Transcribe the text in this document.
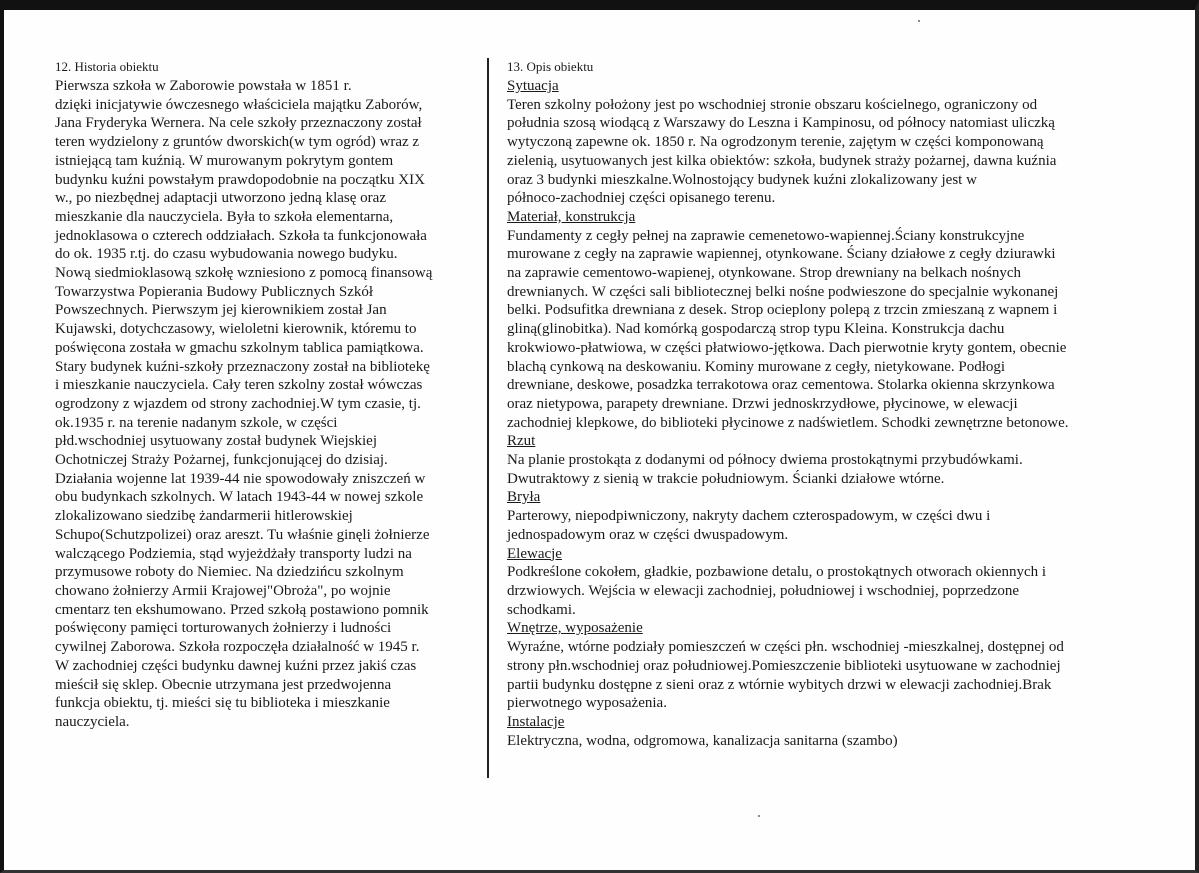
12. Historia obiektu

Pierwsza szkoła w Zaborowie powstała w 1851 r.
dzięki inicjatywie ówczesnego właściciela majątku Zaborów,
Jana Fryderyka Wernera. Na cele szkoły przeznaczony został
teren wydzielony z gruntów dworskich(w tym ogród) wraz z
istniejącą tam kuźnią. W murowanym pokrytym gontem
budynku kuźni powstałym prawdopodobnie na początku XIX
w., po niezbędnej adaptacji utworzono jedną klasę oraz
mieszkanie dla nauczyciela. Była to szkoła elementarna,
jednoklasowa o czterech oddziałach. Szkoła ta funkcjonowała
do ok. 1935 r.tj. do czasu wybudowania nowego budyku.
Nową siedmioklasową szkołę wzniesiono z pomocą finansową
Towarzystwa Popierania Budowy Publicznych Szkół
Powszechnych. Pierwszym jej kierownikiem został Jan
Kujawski, dotychczasowy, wieloletni kierownik, któremu to
poświęcona została w gmachu szkolnym tablica pamiątkowa.
Stary budynek kuźni-szkoły przeznaczony został na bibliotekę
i mieszkanie nauczyciela. Cały teren szkolny został wówczas
ogrodzony z wjazdem od strony zachodniej.W tym czasie, tj.
ok.1935 r. na terenie nadanym szkole, w części
płd.wschodniej usytuowany został budynek Wiejskiej
Ochotniczej Straży Pożarnej, funkcjonującej do dzisiaj.
Działania wojenne lat 1939-44 nie spowodowały zniszczeń w
obu budynkach szkolnych. W latach 1943-44 w nowej szkole
zlokalizowano siedzibę żandarmerii hitlerowskiej
Schupo(Schutzpolizei) oraz areszt. Tu właśnie ginęli żołnierze
walczącego Podziemia, stąd wyjeżdżały transporty ludzi na
przymusowe roboty do Niemiec. Na dziedzińcu szkolnym
chowano żołnierzy Armii Krajowej"Obroża", po wojnie
cmentarz ten ekshumowano. Przed szkołą postawiono pomnik
poświęcony pamięci torturowanych żołnierzy i ludności
cywilnej Zaborowa. Szkoła rozpoczęła działalność w 1945 r.
W zachodniej części budynku dawnej kuźni przez jakiś czas
mieścił się sklep. Obecnie utrzymana jest przedwojenna
funkcja obiektu, tj. mieści się tu biblioteka i mieszkanie
nauczyciela.

13. Opis obiektu

Sytuacja

Teren szkolny położony jest po wschodniej stronie obszaru kościelnego, ograniczony od
południa szosą wiodącą z Warszawy do Leszna i Kampinosu, od północy natomiast uliczką
wytyczoną zapewne ok. 1850 r. Na ogrodzonym terenie, zajętym w części komponowaną
zielenią, usytuowanych jest kilka obiektów: szkoła, budynek straży pożarnej, dawna kuźnia
oraz 3 budynki mieszkalne.Wolnostojący budynek kuźni zlokalizowany jest w
północo-zachodniej części opisanego terenu.

Materiał, konstrukcja

Fundamenty z cegły pełnej na zaprawie cemenetowo-wapiennej.Ściany konstrukcyjne
murowane z cegły na zaprawie wapiennej, otynkowane. Ściany działowe z cegły dziurawki
na zaprawie cementowo-wapienej, otynkowane. Strop drewniany na belkach nośnych
drewnianych. W części sali bibliotecznej belki nośne podwieszone do specjalnie wykonanej
belki. Podsufitka drewniana z desek. Strop ocieplony polepą z trzcin zmieszaną z wapnem i
gliną(glinobitka). Nad komórką gospodarczą strop typu Kleina. Konstrukcja dachu
krokwiowo-płatwiowa, w części płatwiowo-jętkowa. Dach pierwotnie kryty gontem, obecnie
blachą cynkową na deskowaniu. Kominy murowane z cegły, nietykowane. Podłogi
drewniane, deskowe, posadzka terrakotowa oraz cementowa. Stolarka okienna skrzynkowa
oraz nietypowa, parapety drewniane. Drzwi jednoskrzydłowe, płycinowe, w elewacji
zachodniej klepkowe, do biblioteki płycinowe z nadświetlem. Schodki zewnętrzne betonowe.

Rzut

Na planie prostokąta z dodanymi od północy dwiema prostokątnymi przybudówkami.
Dwutraktowy z sienią w trakcie południowym. Ścianki działowe wtórne.

Bryła

Parterowy, niepodpiwniczony, nakryty dachem czterospadowym, w części dwu i
jednospadowym oraz w części dwuspadowym.

Elewacje

Podkreślone cokołem, gładkie, pozbawione detalu, o prostokątnych otworach okiennych i
drzwiowych. Wejścia w elewacji zachodniej, południowej i wschodniej, poprzedzone
schodkami.

Wnętrze, wyposażenie

Wyraźne, wtórne podziały pomieszczeń w części płn. wschodniej -mieszkalnej, dostępnej od
strony płn.wschodniej oraz południowej.Pomieszczenie biblioteki usytuowane w zachodniej
partii budynku dostępne z sieni oraz z wtórnie wybitych drzwi w elewacji zachodniej.Brak
pierwotnego wyposażenia.

Instalacje

Elektryczna, wodna, odgromowa, kanalizacja sanitarna (szambo)
